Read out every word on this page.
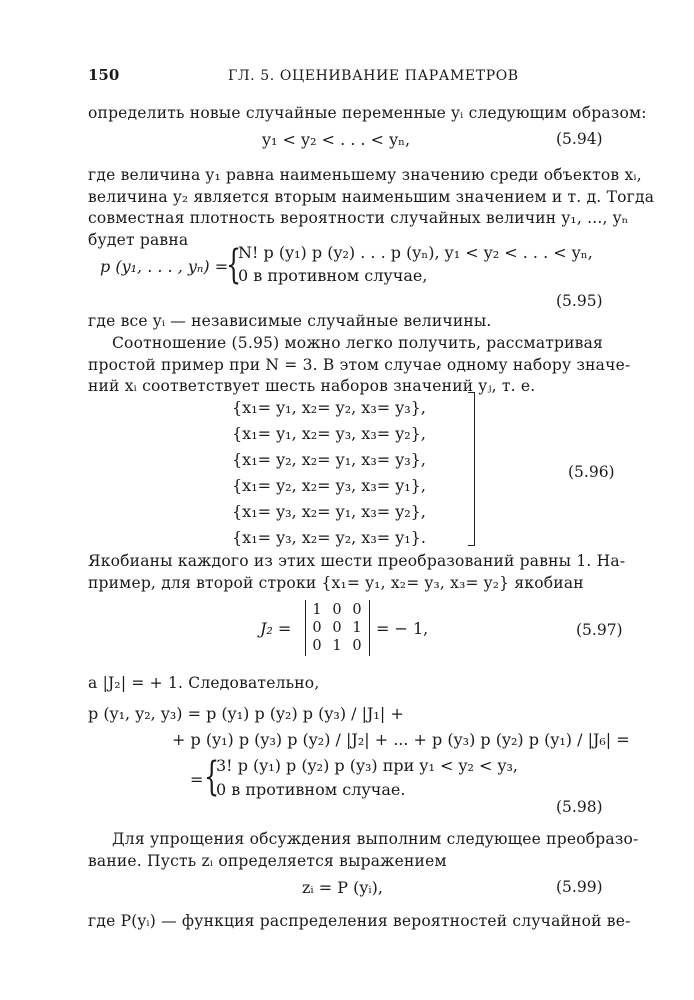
150	ГЛ. 5. ОЦЕНИВАНИЕ ПАРАМЕТРОВ
определить новые случайные переменные yᵢ следующим образом:
y₁ < y₂ < . . . < yₙ,	(5.94)
где величина y₁ равна наименьшему значению среди объектов xᵢ,
величина y₂ является вторым наименьшим значением и т. д. Тогда
совместная плотность вероятности случайных величин y₁, ..., yₙ
будет равна
p (y₁, . . . , yₙ) =
{
N! p (y₁) p (y₂) . . . p (yₙ), y₁ < y₂ < . . . < yₙ,
0 в противном случае,
(5.95)
где все yᵢ — независимые случайные величины.
Соотношение (5.95) можно легко получить, рассматривая
простой пример при N = 3. В этом случае одному набору значе-
ний xᵢ соответствует шесть наборов значений yⱼ, т. е.
{x₁= y₁, x₂= y₂, x₃= y₃},
{x₁= y₁, x₂= y₃, x₃= y₂},
{x₁= y₂, x₂= y₁, x₃= y₃},
{x₁= y₂, x₂= y₃, x₃= y₁},
{x₁= y₃, x₂= y₁, x₃= y₂},
{x₁= y₃, x₂= y₂, x₃= y₁}.
(5.96)
Якобианы каждого из этих шести преобразований равны 1. На-
пример, для второй строки {x₁= y₁, x₂= y₃, x₃= y₂} якобиан
J₂ =
1 0 0
0 0 1
0 1 0
= − 1,	(5.97)
а |J₂| = + 1. Следовательно,
p (y₁, y₂, y₃) = p (y₁) p (y₂) p (y₃) / |J₁| +
+ p (y₁) p (y₃) p (y₂) / |J₂| + ... + p (y₃) p (y₂) p (y₁) / |J₆| =
= {
3! p (y₁) p (y₂) p (y₃) при y₁ < y₂ < y₃,
0 в противном случае.
(5.98)
Для упрощения обсуждения выполним следующее преобразо-
вание. Пусть zᵢ определяется выражением
zᵢ = P (yᵢ),	(5.99)
где P(yᵢ) — функция распределения вероятностей случайной ве-
